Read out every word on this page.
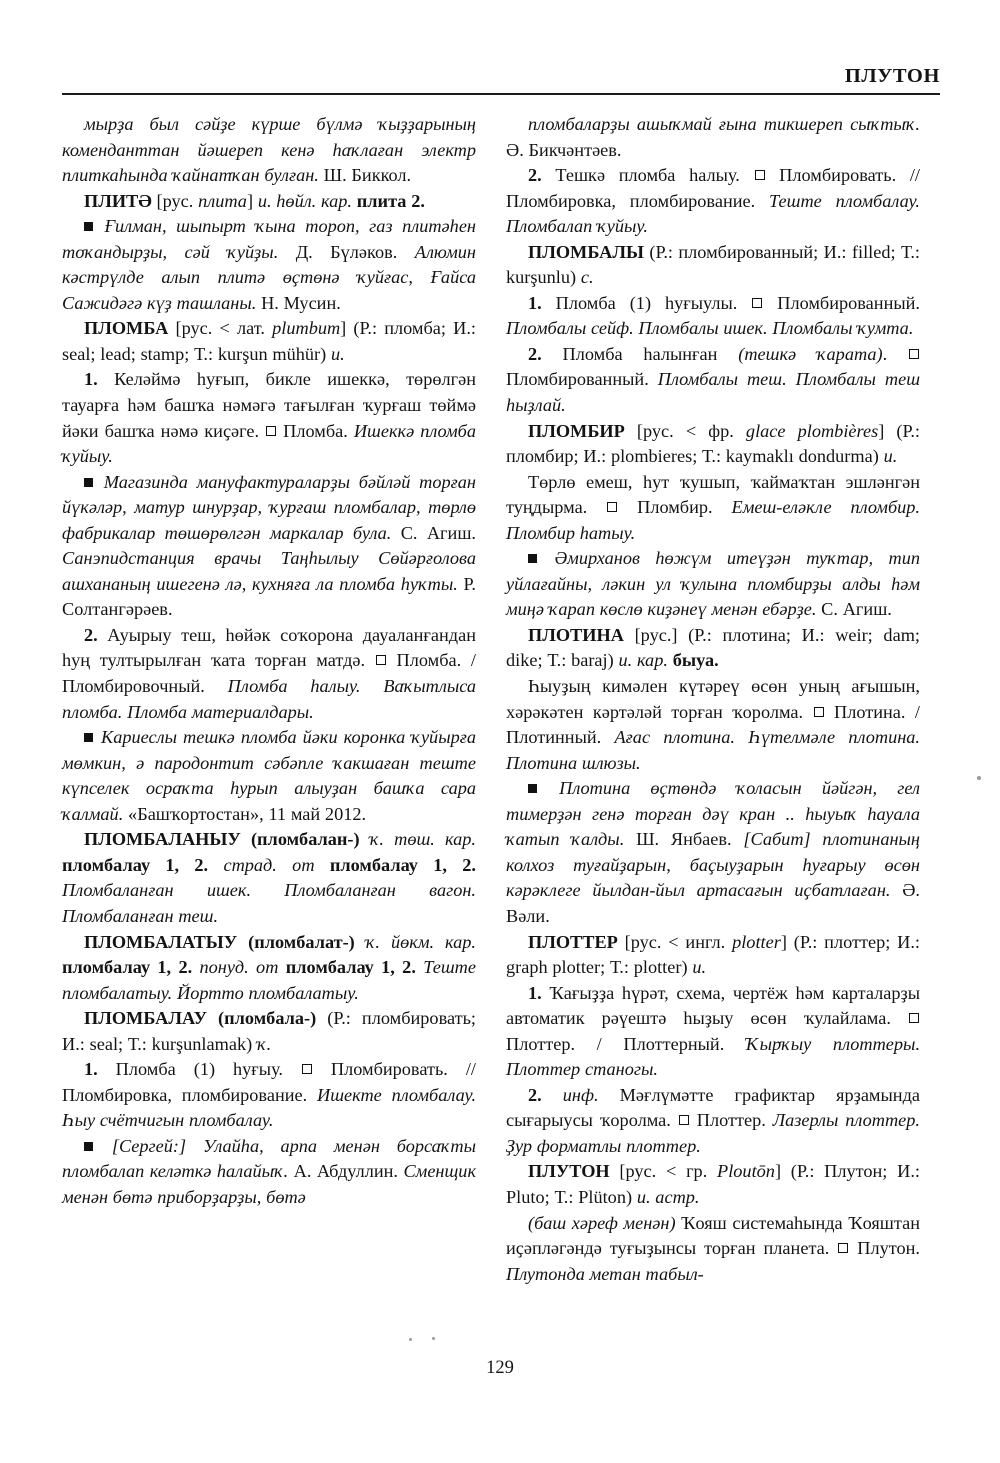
ПЛУТОН

мырҙа был сәйҙе күрше бүлмә ҡыҙҙарының коменданттан йәшереп кенә һаҡлаған электр плиткаһында ҡайнатҡан булған. Ш. Биккол.

ПЛИТӘ [рус. плита] и. һөйл. кар. плита 2.

Ғилман, шыпырт ҡына тороп, газ плитәһен тоҡандырҙы, сәй ҡуйҙы. Д. Бүләков. Алюмин кәстрүлде алып плитә өҫтөнә ҡуйғас, Ғайса Сажидәгә күҙ ташланы. Н. Мусин.

ПЛОМБА [рус. < лат. plumbum] (Р.: пломба; И.: seal; lead; stamp; Т.: kurşun mühür) и.

1. Келәймә һуғып, бикле ишеккә, төрөлгән тауарға һәм башҡа нәмәгә тағылған ҡурғаш төймә йәки башҡа нәмә киҫәге.  Пломба. Ишеккә пломба ҡуйыу.

Магазинда мануфактураларҙы бәйләй торған йүкәләр, матур шнурҙар, ҡурғаш пломбалар, төрлө фабрикалар төшөрөлгән маркалар була. С. Агиш. Санэпидстанция врачы Таңһылыу Сөйәрғолова ашхананың ишегенә лә, кухняға ла пломба һуҡты. Р. Солтангәрәев.

2. Ауырыу теш, һөйәк соҡорона дауаланғандан һуң тултырылған ҡата торған матдә.  Пломба. / Пломбировочный. Пломба һалыу. Ваҡытлыса пломба. Пломба материалдары.

Кариеслы тешкә пломба йәки коронка ҡуйырға мөмкин, ә пародонтит сәбәпле ҡакшаған теште күпселек осраҡта һурып алыуҙан башҡа сара ҡалмай. «Башҡортостан», 11 май 2012.

ПЛОМБАЛАНЫУ (пломбалан-) ҡ. төш. кар. пломбалау 1, 2. страд. от пломбалау 1, 2. Пломбаланған ишек. Пломбаланған вагон. Пломбаланған теш.

ПЛОМБАЛАТЫУ (пломбалат-) ҡ. йөкм. кар. пломбалау 1, 2. понуд. от пломбалау 1, 2. Теште пломбалатыу. Йортто пломбалатыу.

ПЛОМБАЛАУ (пломбала-) (Р.: пломбировать; И.: seal; Т.: kurşunlamak) ҡ.

1. Пломба (1) һуғыу.  Пломбировать. // Пломбировка, пломбирование. Ишекте пломбалау. Һыу счётчигын пломбалау.

[Сергей:] Улайһа, арпа менән борсаҡты пломбалап келәткә һалайыҡ. А. Абдуллин. Сменщик менән бөтә приборҙарҙы, бөтә

пломбаларҙы ашыҡмай ғына тикшереп сыҡтыҡ. Ә. Бикчәнтәев.

2. Тешкә пломба һалыу.  Пломбировать. // Пломбировка, пломбирование. Теште пломбалау. Пломбалап ҡуйыу.

ПЛОМБАЛЫ (Р.: пломбированный; И.: filled; Т.: kurşunlu) с.

1. Пломба (1) һуғыулы.  Пломбированный. Пломбалы сейф. Пломбалы ишек. Пломбалы ҡумта.

2. Пломба һалынған (тешкә ҡарата).  Пломбированный. Пломбалы теш. Пломбалы теш һыҙлай.

ПЛОМБИР [рус. < фр. glace plombières] (Р.: пломбир; И.: plombieres; Т.: kaymaklı dondurma) и.

Төрлө емеш, һут ҡушып, ҡаймаҡтан эшләнгән туңдырма.  Пломбир. Емеш-еләкле пломбир. Пломбир һатыу.

Әмирханов һөжүм итеүҙән туҡтар, тип уйлағайны, ләкин ул ҡулына пломбирҙы алды һәм миңә ҡарап көслө киҙәнеү менән ебәрҙе. С. Агиш.

ПЛОТИНА [рус.] (Р.: плотина; И.: weir; dam; dike; Т.: baraj) и. кар. быуа.

Һыуҙың кимәлен күтәреү өсөн уның ағышын, хәрәкәтен кәртәләй торған ҡоролма.  Плотина. / Плотинный. Ағас плотина. Һүтелмәле плотина. Плотина шлюзы.

Плотина өҫтөндә ҡоласын йәйгән, гел тимерҙән генә торған дәү кран .. һыуыҡ һауала ҡатып ҡалды. Ш. Янбаев. [Сабит] плотинаның колхоз туғайҙарын, баҫыуҙарын һуғарыу өсөн кәрәклеге йылдан-йыл артасағын иҫбатлаған. Ә. Вәли.

ПЛОТТЕР [рус. < ингл. plotter] (Р.: плоттер; И.: graph plotter; Т.: plotter) и.

1. Ҡағыҙҙа һүрәт, схема, чертёж һәм карталарҙы автоматик рәүештә һыҙыу өсөн ҡулайлама.  Плоттер. / Плоттерный. Ҡырҡыу плоттеры. Плоттер станогы.

2. инф. Мәғлүмәтте графиктар ярҙамында сығарыусы ҡоролма.  Плоттер. Лазерлы плоттер. Ҙур форматлы плоттер.

ПЛУТОН [рус. < гр. Ploutōn] (Р.: Плутон; И.: Pluto; Т.: Plüton) и. астр.

(баш хәреф менән) Ҡояш системаһында Ҡояштан иҫәпләгәндә туғыҙынсы торған планета.  Плутон. Плутонда метан табыл-

129
